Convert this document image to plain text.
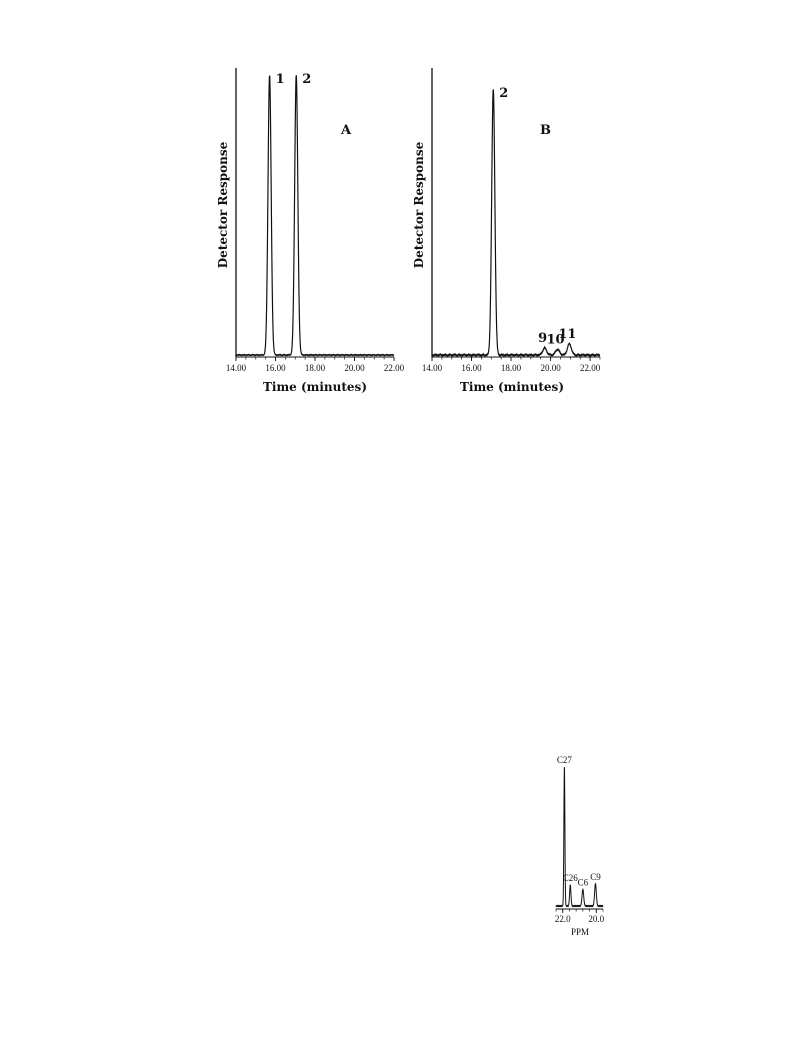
14.00 16.00 18.00 20.00 22.00
1 2
A
Detector Response
Time (minutes)
14.00 16.00 18.00 20.00 22.00
2
9 10
11
B
Detector Response
Time (minutes)
22.0 20.0
C27
C26 C6
C9
PPM
